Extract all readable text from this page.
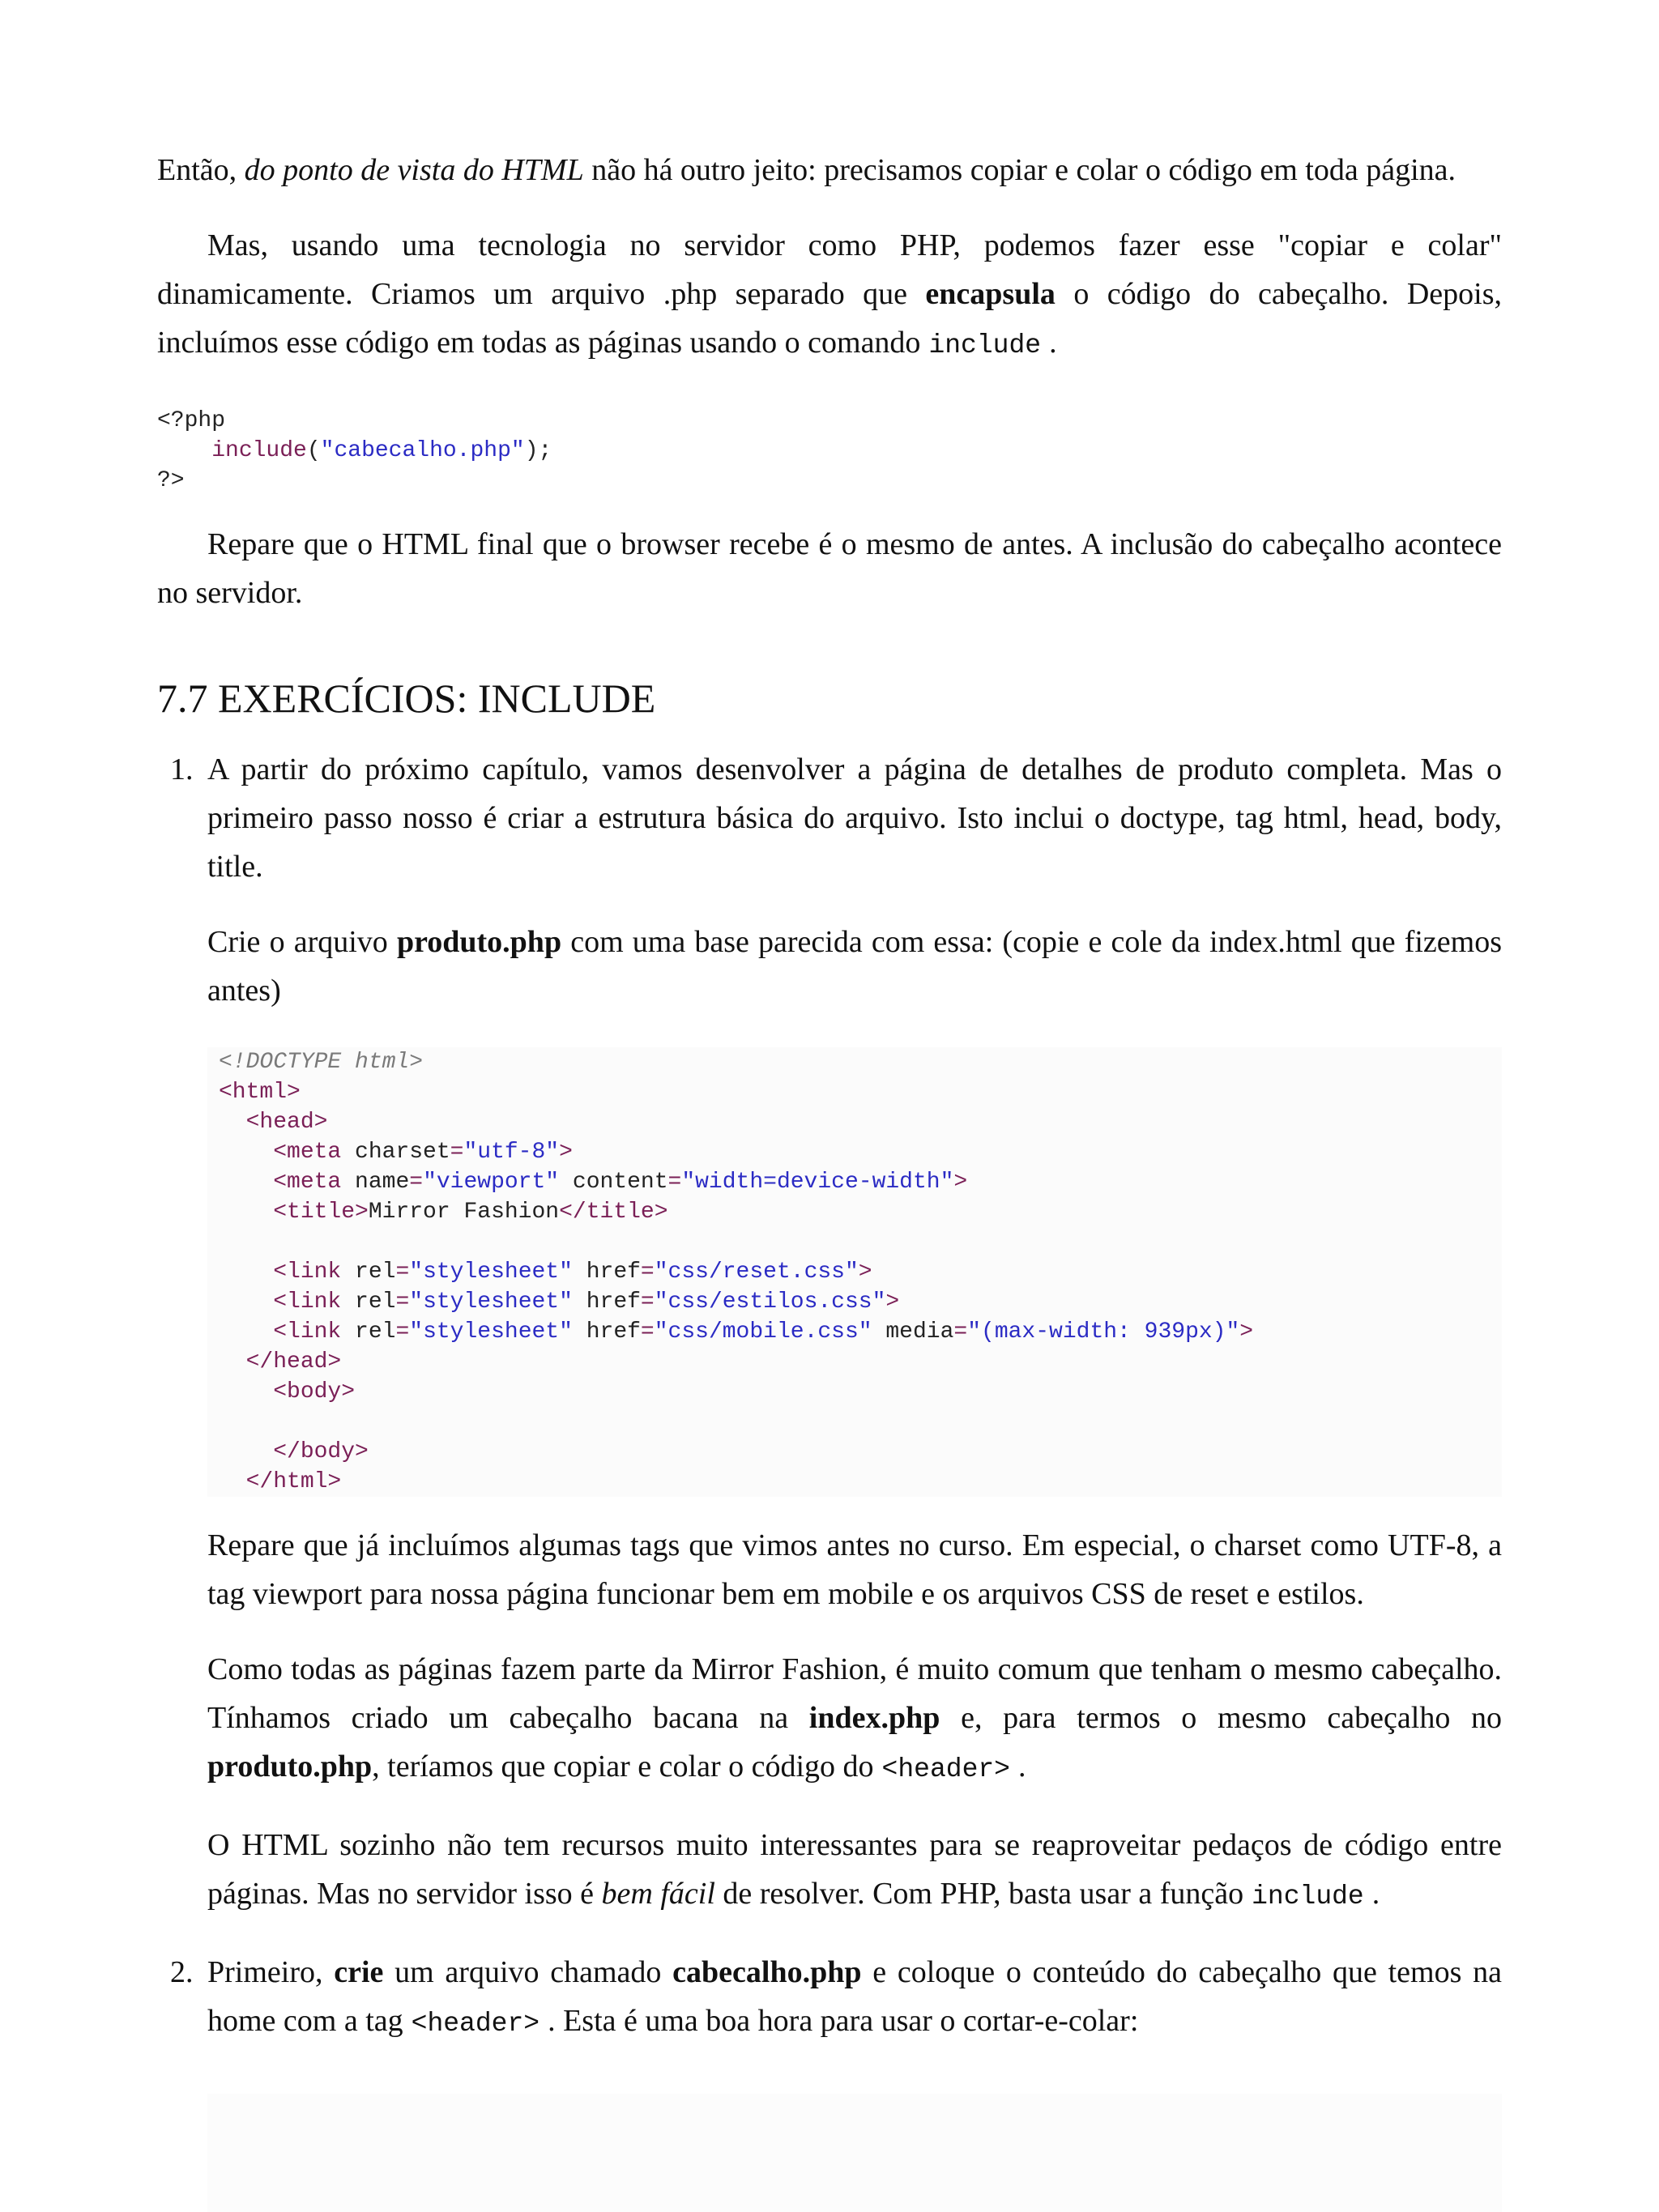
Então, do ponto de vista do HTML não há outro jeito: precisamos copiar e colar o código em toda página.

Mas, usando uma tecnologia no servidor como PHP, podemos fazer esse "copiar e colar" dinamicamente. Criamos um arquivo .php separado que encapsula o código do cabeçalho. Depois, incluímos esse código em todas as páginas usando o comando include .

<?php
include("cabecalho.php");
?>

Repare que o HTML final que o browser recebe é o mesmo de antes. A inclusão do cabeçalho acontece no servidor.

7.7 EXERCÍCIOS: INCLUDE
1. A partir do próximo capítulo, vamos desenvolver a página de detalhes de produto completa. Mas o primeiro passo nosso é criar a estrutura básica do arquivo. Isto inclui o doctype, tag html, head, body, title.

Crie o arquivo produto.php com uma base parecida com essa: (copie e cole da index.html que fizemos antes)

<!DOCTYPE html>
<html>
<head>
<meta charset="utf-8">
<meta name="viewport" content="width=device-width">
<title>Mirror Fashion</title>

<link rel="stylesheet" href="css/reset.css">
<link rel="stylesheet" href="css/estilos.css">
<link rel="stylesheet" href="css/mobile.css" media="(max-width: 939px)">
</head>
<body>

</body>
</html>

Repare que já incluímos algumas tags que vimos antes no curso. Em especial, o charset como UTF-8, a tag viewport para nossa página funcionar bem em mobile e os arquivos CSS de reset e estilos.

Como todas as páginas fazem parte da Mirror Fashion, é muito comum que tenham o mesmo cabeçalho. Tínhamos criado um cabeçalho bacana na index.php e, para termos o mesmo cabeçalho no produto.php, teríamos que copiar e colar o código do <header> .

O HTML sozinho não tem recursos muito interessantes para se reaproveitar pedaços de código entre páginas. Mas no servidor isso é bem fácil de resolver. Com PHP, basta usar a função include .

2. Primeiro, crie um arquivo chamado cabecalho.php e coloque o conteúdo do cabeçalho que temos na home com a tag <header> . Esta é uma boa hora para usar o cortar-e-colar:
